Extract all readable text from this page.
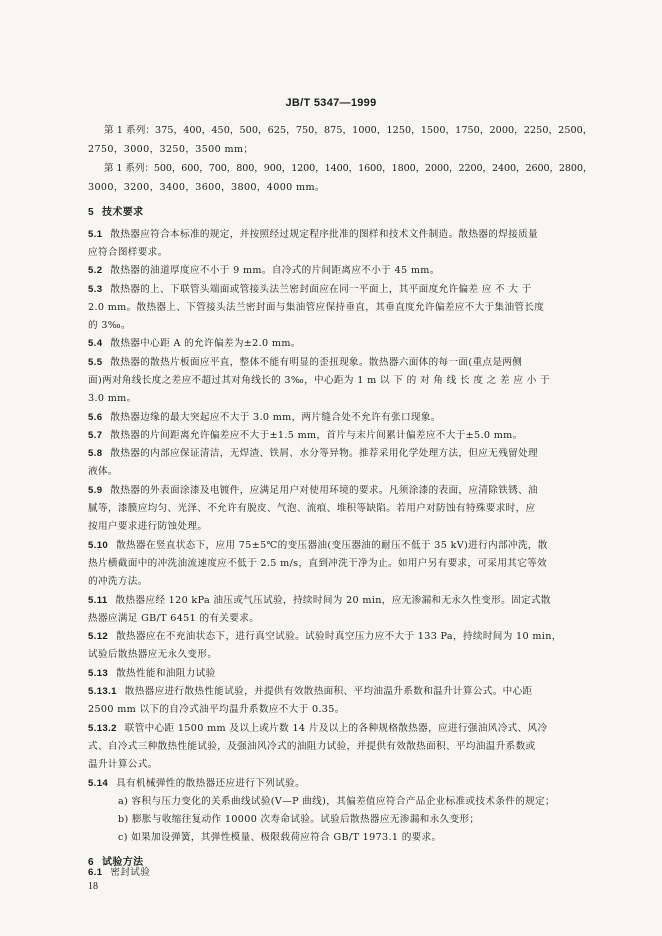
JB/T 5347—1999
第 1 系列：375，400，450，500，625，750，875，1000，1250，1500，1750，2000，2250，2500，
2750，3000，3250，3500 mm；
第 1 系列：500，600，700，800，900，1200，1400，1600，1800，2000，2200，2400，2600，2800，
3000，3200，3400，3600，3800，4000 mm。
5 技术要求
5.1 散热器应符合本标准的规定，并按照经过规定程序批准的图样和技术文件制造。散热器的焊接质量
应符合图样要求。
5.2 散热器的油道厚度应不小于 9 mm。自冷式的片间距离应不小于 45 mm。
5.3 散热器的上、下联管头端面或管接头法兰密封面应在同一平面上，其平面度允许偏差 应 不 大 于
2.0 mm。散热器上、下管接头法兰密封面与集油管应保持垂直，其垂直度允许偏差应不大于集油管长度
的 3‰。
5.4 散热器中心距 A 的允许偏差为±2.0 mm。
5.5 散热器的散热片板面应平直，整体不能有明显的歪扭现象。散热器六面体的每一面(重点是两侧
面)两对角线长度之差应不超过其对角线长的 3‰，中心距为 1 m 以 下 的 对 角 线 长 度 之 差 应 小 于
3.0 mm。
5.6 散热器边缘的最大突起应不大于 3.0 mm，两片缝合处不允许有张口现象。
5.7 散热器的片间距离允许偏差应不大于±1.5 mm，首片与末片间累计偏差应不大于±5.0 mm。
5.8 散热器的内部应保证清洁，无焊渣、铁屑、水分等异物。推荐采用化学处理方法，但应无残留处理
液体。
5.9 散热器的外表面涂漆及电镀件，应满足用户对使用环境的要求。凡须涂漆的表面，应清除铁锈、油
腻等，漆膜应均匀、光泽、不允许有脱皮、气泡、流痕、堆积等缺陷。若用户对防蚀有特殊要求时，应
按用户要求进行防蚀处理。
5.10 散热器在竖直状态下，应用 75±5℃的变压器油(变压器油的耐压不低于 35 kV)进行内部冲洗，散
热片横截面中的冲洗油流速度应不低于 2.5 m/s，直到冲洗干净为止。如用户另有要求，可采用其它等效
的冲洗方法。
5.11 散热器应经 120 kPa 油压或气压试验，持续时间为 20 min，应无渗漏和无永久性变形。固定式散
热器应满足 GB/T 6451 的有关要求。
5.12 散热器应在不充油状态下，进行真空试验。试验时真空压力应不大于 133 Pa，持续时间为 10 min，
试验后散热器应无永久变形。
5.13 散热性能和油阻力试验
5.13.1 散热器应进行散热性能试验，并提供有效散热面积、平均油温升系数和温升计算公式。中心距
2500 mm 以下的自冷式油平均温升系数应不大于 0.35。
5.13.2 联管中心距 1500 mm 及以上或片数 14 片及以上的各种规格散热器，应进行强油风冷式、风冷
式、自冷式三种散热性能试验，及强油风冷式的油阻力试验，并提供有效散热面积、平均油温升系数或
温升计算公式。
5.14 具有机械弹性的散热器还应进行下列试验。
a) 容积与压力变化的关系曲线试验(V—P 曲线)，其偏差值应符合产品企业标准或技术条件的规定；
b) 膨胀与收缩往复动作 10000 次寿命试验。试验后散热器应无渗漏和永久变形；
c) 如果加设弹簧，其弹性模量、极限载荷应符合 GB/T 1973.1 的要求。
6 试验方法
6.1 密封试验
18
